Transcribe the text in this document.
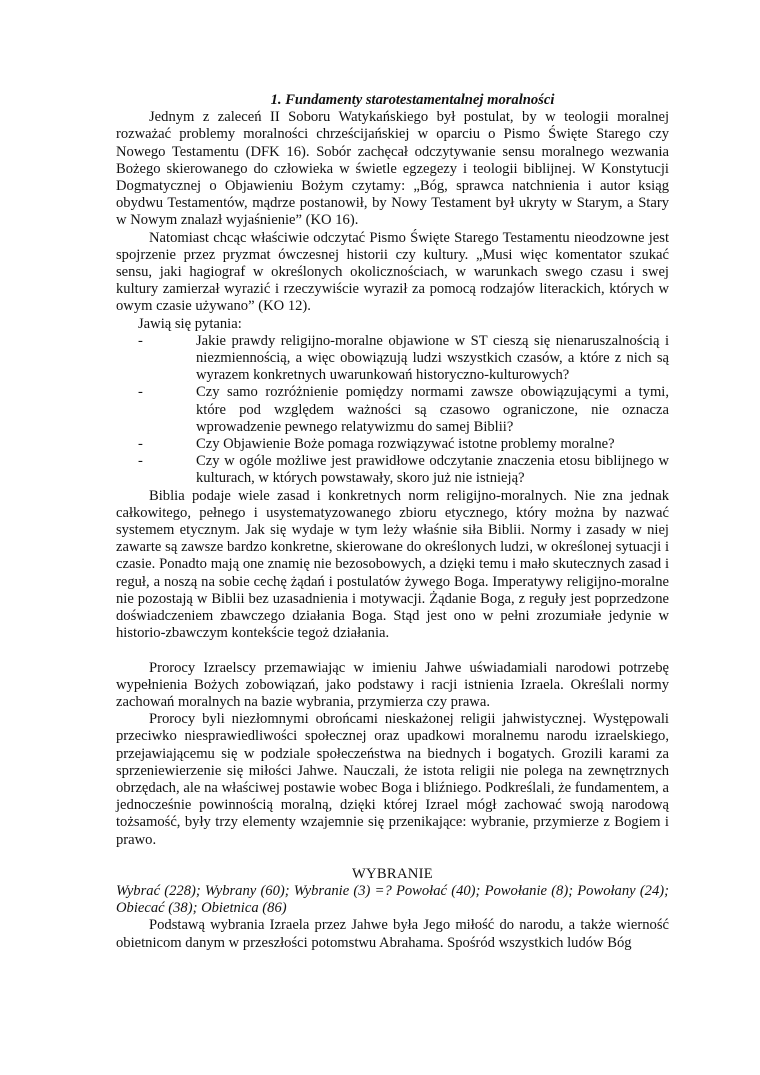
1. Fundamenty starotestamentalnej moralności

Jednym z zaleceń II Soboru Watykańskiego był postulat, by w teologii moralnej rozważać problemy moralności chrześcijańskiej w oparciu o Pismo Święte Starego czy Nowego Testamentu (DFK 16). Sobór zachęcał odczytywanie sensu moralnego wezwania Bożego skierowanego do człowieka w świetle egzegezy i teologii biblijnej. W Konstytucji Dogmatycznej o Objawieniu Bożym czytamy: „Bóg, sprawca natchnienia i autor ksiąg obydwu Testamentów, mądrze postanowił, by Nowy Testament był ukryty w Starym, a Stary w Nowym znalazł wyjaśnienie” (KO 16).

Natomiast chcąc właściwie odczytać Pismo Święte Starego Testamentu nieodzowne jest spojrzenie przez pryzmat ówczesnej historii czy kultury. „Musi więc komentator szukać sensu, jaki hagiograf w określonych okolicznościach, w warunkach swego czasu i swej kultury zamierzał wyrazić i rzeczywiście wyraził za pomocą rodzajów literackich, których w owym czasie używano” (KO 12).

Jawią się pytania:

-	Jakie prawdy religijno-moralne objawione w ST cieszą się nienaruszalnością i niezmiennością, a więc obowiązują ludzi wszystkich czasów, a które z nich są wyrazem konkretnych uwarunkowań historyczno-kulturowych?
-	Czy samo rozróżnienie pomiędzy normami zawsze obowiązującymi a tymi, które pod względem ważności są czasowo ograniczone, nie oznacza wprowadzenie pewnego relatywizmu do samej Biblii?
-	Czy Objawienie Boże pomaga rozwiązywać istotne problemy moralne?
-	Czy w ogóle możliwe jest prawidłowe odczytanie znaczenia etosu biblijnego w kulturach, w których powstawały, skoro już nie istnieją?

Biblia podaje wiele zasad i konkretnych norm religijno-moralnych. Nie zna jednak całkowitego, pełnego i usystematyzowanego zbioru etycznego, który można by nazwać systemem etycznym. Jak się wydaje w tym leży właśnie siła Biblii. Normy i zasady w niej zawarte są zawsze bardzo konkretne, skierowane do określonych ludzi, w określonej sytuacji i czasie. Ponadto mają one znamię nie bezosobowych, a dzięki temu i mało skutecznych zasad i reguł, a noszą na sobie cechę żądań i postulatów żywego Boga. Imperatywy religijno-moralne nie pozostają w Biblii bez uzasadnienia i motywacji. Żądanie Boga, z reguły jest poprzedzone doświadczeniem zbawczego działania Boga. Stąd jest ono w pełni zrozumiałe jedynie w historio-zbawczym kontekście tegoż działania.

Prorocy Izraelscy przemawiając w imieniu Jahwe uświadamiali narodowi potrzebę wypełnienia Bożych zobowiązań, jako podstawy i racji istnienia Izraela. Określali normy zachowań moralnych na bazie wybrania, przymierza czy prawa.

Prorocy byli niezłomnymi obrońcami nieskażonej religii jahwistycznej. Występowali przeciwko niesprawiedliwości społecznej oraz upadkowi moralnemu narodu izraelskiego, przejawiającemu się w podziale społeczeństwa na biednych i bogatych. Grozili karami za sprzeniewierzenie się miłości Jahwe. Nauczali, że istota religii nie polega na zewnętrznych obrzędach, ale na właściwej postawie wobec Boga i bliźniego. Podkreślali, że fundamentem, a jednocześnie powinnością moralną, dzięki której Izrael mógł zachować swoją narodową tożsamość, były trzy elementy wzajemnie się przenikające: wybranie, przymierze z Bogiem i prawo.

WYBRANIE

Wybrać (228); Wybrany (60); Wybranie (3) =? Powołać (40); Powołanie (8); Powołany (24); Obiecać (38); Obietnica (86)

Podstawą wybrania Izraela przez Jahwe była Jego miłość do narodu, a także wierność obietnicom danym w przeszłości potomstwu Abrahama. Spośród wszystkich ludów Bóg
